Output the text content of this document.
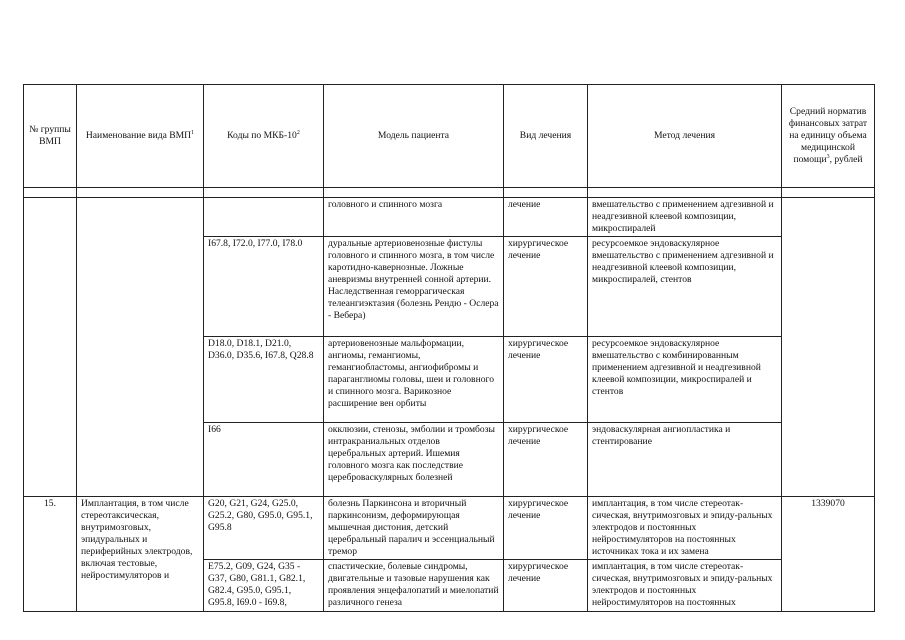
№ группы ВМП	Наименование вида ВМП$^1$	Коды по МКБ-$10^2$	Модель пациента	Вид лечения	Метод лечения	Средний норматив финансовых затрат на единицу объема медицинской помощи$^3$, рублей

			головного и спинного мозга	лечение	вмешательство с применением адгезивной и неадгезивной клеевой композиции, микроспиралей	
		I67.8, I72.0, I77.0, I78.0	дуральные артериовенозные фистулы головного и спинного мозга, в том числе каротидно-кавернозные. Ложные аневризмы внутренней сонной артерии. Наследственная геморрагическая телеангиэктазия (болезнь Рендю - Ослера - Вебера)	хирургическое лечение	ресурсоемкое эндоваскулярное вмешательство с применением адгезивной и неадгезивной клеевой композиции, микроспиралей, стентов	
		D18.0, D18.1, D21.0, D36.0, D35.6, I67.8, Q28.8	артериовенозные мальформации, ангиомы, гемангиомы, гемангиобластомы, ангиофибромы и параганглиомы головы, шеи и головного и спинного мозга. Варикозное расширение вен орбиты	хирургическое лечение	ресурсоемкое эндоваскулярное вмешательство с комбинированным применением адгезивной и неадгезивной клеевой композиции, микроспиралей и стентов	
		I66	окклюзии, стенозы, эмболии и тромбозы интракраниальных отделов церебральных артерий. Ишемия головного мозга как последствие цереброваскулярных болезней	хирургическое лечение	эндоваскулярная ангиопластика и стентирование	
15.	Имплантация, в том числе стереотаксическая, внутримозговых, эпидуральных и периферийных электродов, включая тестовые, нейростимуляторов и	G20, G21, G24, G25.0, G25.2, G80, G95.0, G95.1, G95.8	болезнь Паркинсона и вторичный паркинсонизм, деформирующая мышечная дистония, детский церебральный паралич и эссенциальный тремор	хирургическое лечение	имплантация, в том числе стереотак-сическая, внутримозговых и эпиду-ральных электродов и постоянных нейростимуляторов на постоянных источниках тока и их замена	1339070
		E75.2, G09, G24, G35 - G37, G80, G81.1, G82.1, G82.4, G95.0, G95.1, G95.8, I69.0 - I69.8,	спастические, болевые синдромы, двигательные и тазовые нарушения как проявления энцефалопатий и миелопатий различного генеза	хирургическое лечение	имплантация, в том числе стереотак-сическая, внутримозговых и эпиду-ральных электродов и постоянных нейростимуляторов на постоянных	
